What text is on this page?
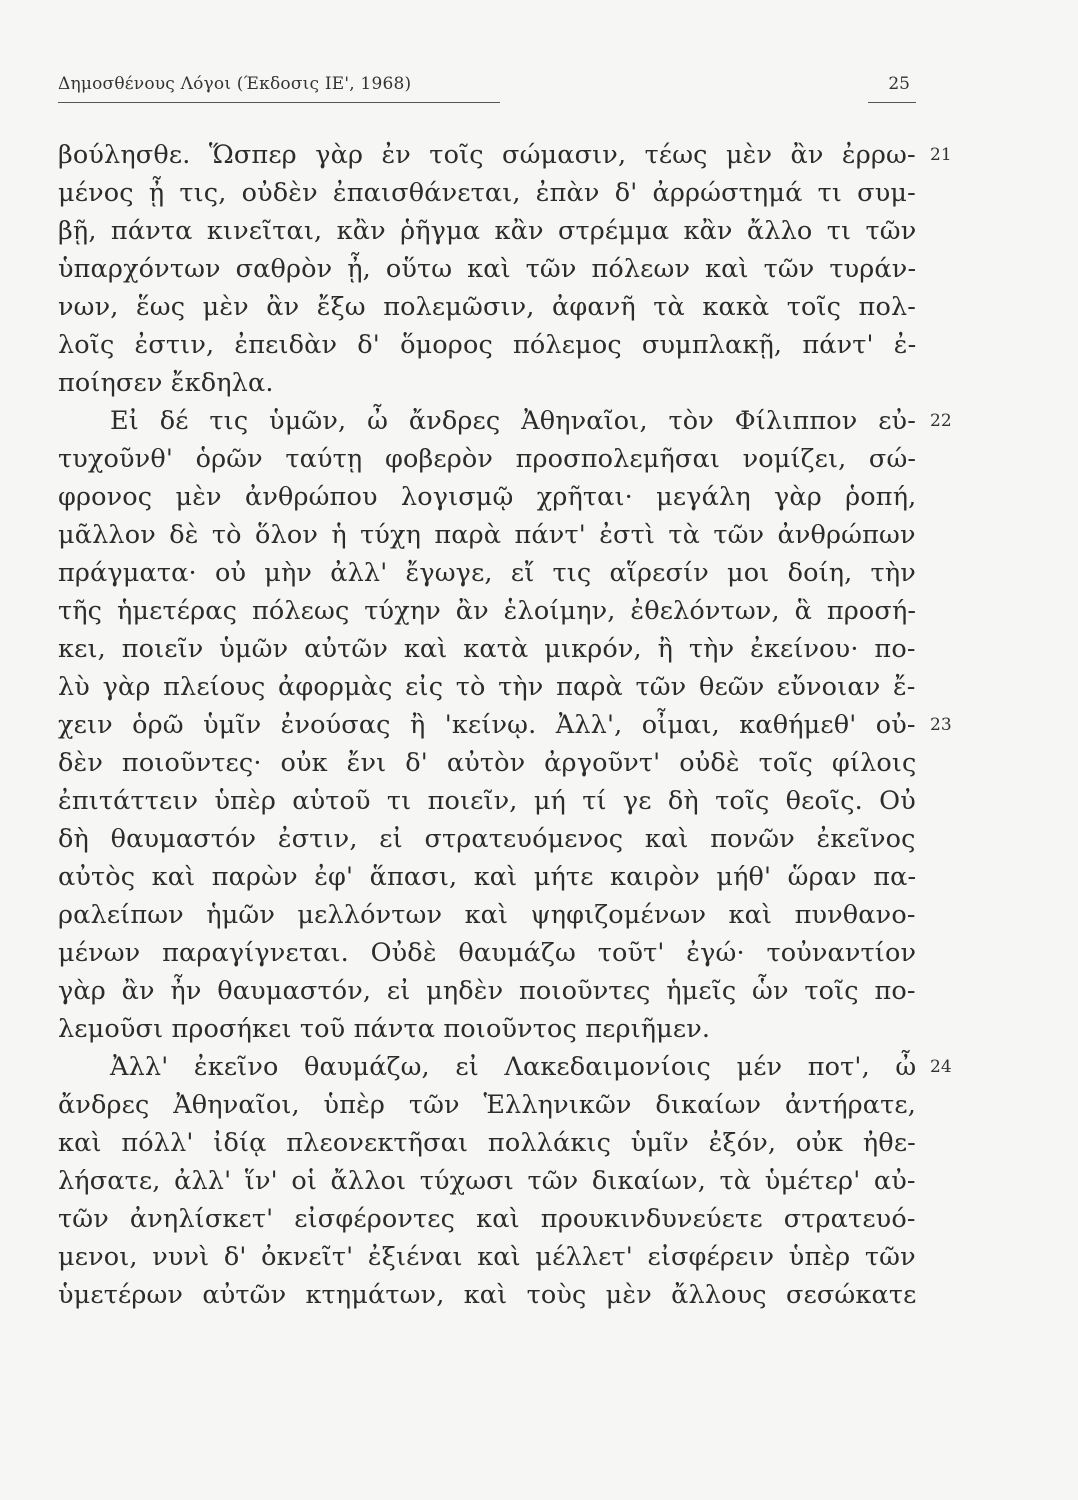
Δημοσθένους Λόγοι (Έκδοσις ΙΕ', 1968)	25
βούλησθε. Ὥσπερ γὰρ ἐν τοῖς σώμασιν, τέως μὲν ἂν ἐρρω-
μένος ᾖ τις, οὐδὲν ἐπαισθάνεται, ἐπὰν δ' ἀρρώστημά τι συμ-
βῇ, πάντα κινεῖται, κἂν ῥῆγμα κἂν στρέμμα κἂν ἄλλο τι τῶν
ὑπαρχόντων σαθρὸν ᾖ, οὕτω καὶ τῶν πόλεων καὶ τῶν τυράν-
νων, ἕως μὲν ἂν ἔξω πολεμῶσιν, ἀφανῆ τὰ κακὰ τοῖς πολ-
λοῖς ἐστιν, ἐπειδὰν δ' ὅμορος πόλεμος συμπλακῇ, πάντ' ἐ-
ποίησεν ἔκδηλα.
Εἰ δέ τις ὑμῶν, ὦ ἄνδρες Ἀθηναῖοι, τὸν Φίλιππον εὐ-
τυχοῦνθ' ὁρῶν ταύτῃ φοβερὸν προσπολεμῆσαι νομίζει, σώ-
φρονος μὲν ἀνθρώπου λογισμῷ χρῆται· μεγάλη γὰρ ῥοπή,
μᾶλλον δὲ τὸ ὅλον ἡ τύχη παρὰ πάντ' ἐστὶ τὰ τῶν ἀνθρώπων
πράγματα· οὐ μὴν ἀλλ' ἔγωγε, εἴ τις αἵρεσίν μοι δοίη, τὴν
τῆς ἡμετέρας πόλεως τύχην ἂν ἑλοίμην, ἐθελόντων, ἃ προσή-
κει, ποιεῖν ὑμῶν αὐτῶν καὶ κατὰ μικρόν, ἢ τὴν ἐκείνου· πο-
λὺ γὰρ πλείους ἀφορμὰς εἰς τὸ τὴν παρὰ τῶν θεῶν εὔνοιαν ἔ-
χειν ὁρῶ ὑμῖν ἐνούσας ἢ 'κείνῳ. Ἀλλ', οἶμαι, καθήμεθ' οὐ-
δὲν ποιοῦντες· οὐκ ἔνι δ' αὐτὸν ἀργοῦντ' οὐδὲ τοῖς φίλοις
ἐπιτάττειν ὑπὲρ αὑτοῦ τι ποιεῖν, μή τί γε δὴ τοῖς θεοῖς. Οὐ
δὴ θαυμαστόν ἐστιν, εἰ στρατευόμενος καὶ πονῶν ἐκεῖνος
αὐτὸς καὶ παρὼν ἐφ' ἅπασι, καὶ μήτε καιρὸν μήθ' ὥραν πα-
ραλείπων ἡμῶν μελλόντων καὶ ψηφιζομένων καὶ πυνθανο-
μένων παραγίγνεται. Οὐδὲ θαυμάζω τοῦτ' ἐγώ· τοὐναντίον
γὰρ ἂν ἦν θαυμαστόν, εἰ μηδὲν ποιοῦντες ἡμεῖς ὧν τοῖς πο-
λεμοῦσι προσήκει τοῦ πάντα ποιοῦντος περιῆμεν.
Ἀλλ' ἐκεῖνο θαυμάζω, εἰ Λακεδαιμονίοις μέν ποτ', ὦ
ἄνδρες Ἀθηναῖοι, ὑπὲρ τῶν Ἑλληνικῶν δικαίων ἀντήρατε,
καὶ πόλλ' ἰδίᾳ πλεονεκτῆσαι πολλάκις ὑμῖν ἐξόν, οὐκ ἠθε-
λήσατε, ἀλλ' ἵν' οἱ ἄλλοι τύχωσι τῶν δικαίων, τὰ ὑμέτερ' αὐ-
τῶν ἀνηλίσκετ' εἰσφέροντες καὶ προυκινδυνεύετε στρατευό-
μενοι, νυνὶ δ' ὀκνεῖτ' ἐξιέναι καὶ μέλλετ' εἰσφέρειν ὑπὲρ τῶν
ὑμετέρων αὐτῶν κτημάτων, καὶ τοὺς μὲν ἄλλους σεσώκατε
21
22
23
24
